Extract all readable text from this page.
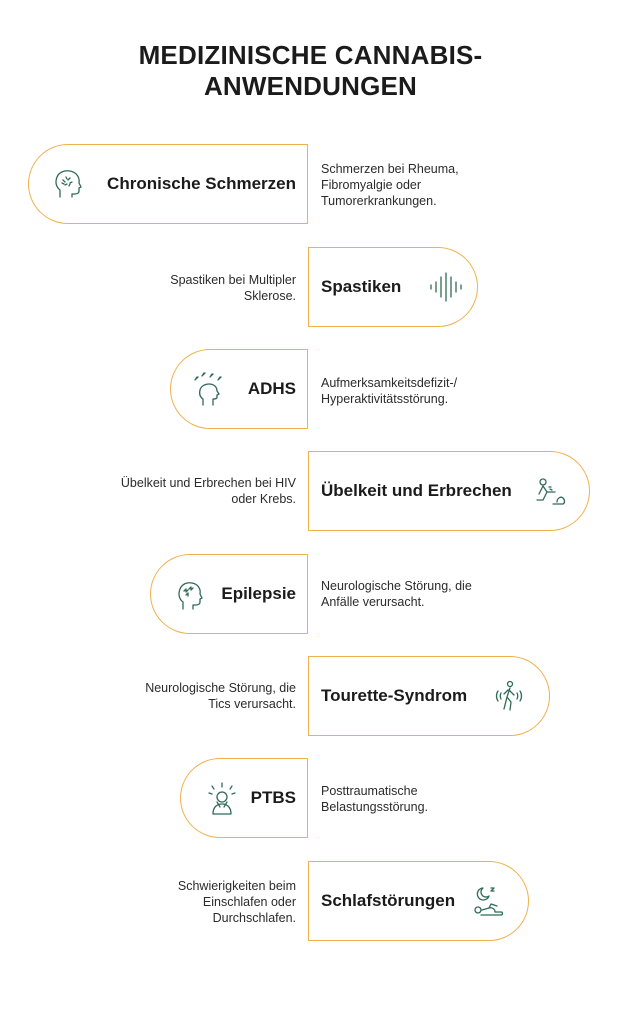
MEDIZINISCHE CANNABIS-
ANWENDUNGEN
Chronische Schmerzen
Schmerzen bei Rheuma, Fibromyalgie oder Tumorerkrankungen.
Spastiken
Spastiken bei Multipler Sklerose.
ADHS Aufmerksamkeitsdefizit-/ Hyperaktivitätsstörung.
Übelkeit und Erbrechen
Übelkeit und Erbrechen bei HIV oder Krebs.
Epilepsie Neurologische Störung, die Anfälle verursacht.
Tourette-Syndrom
Neurologische Störung, die Tics verursacht.
PTBS Posttraumatische Belastungsstörung.
Schlafstörungen
Schwierigkeiten beim Einschlafen oder Durchschlafen.
